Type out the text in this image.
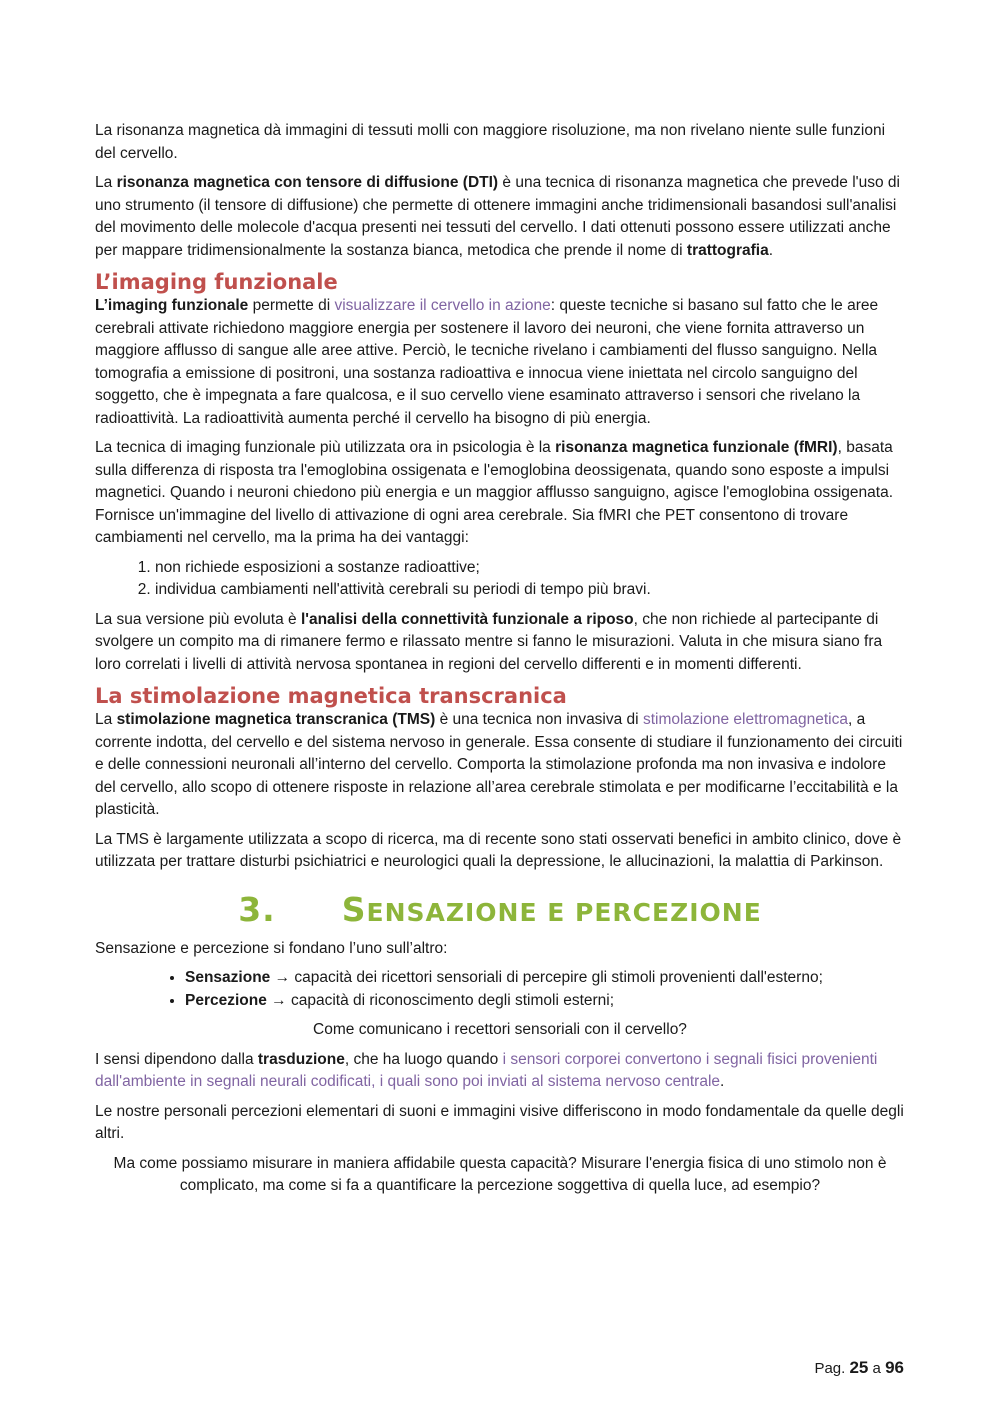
La risonanza magnetica dà immagini di tessuti molli con maggiore risoluzione, ma non rivelano niente sulle funzioni del cervello.

La risonanza magnetica con tensore di diffusione (DTI) è una tecnica di risonanza magnetica che prevede l'uso di uno strumento (il tensore di diffusione) che permette di ottenere immagini anche tridimensionali basandosi sull'analisi del movimento delle molecole d'acqua presenti nei tessuti del cervello. I dati ottenuti possono essere utilizzati anche per mappare tridimensionalmente la sostanza bianca, metodica che prende il nome di trattografia.

L’imaging funzionale

L’imaging funzionale permette di visualizzare il cervello in azione: queste tecniche si basano sul fatto che le aree cerebrali attivate richiedono maggiore energia per sostenere il lavoro dei neuroni, che viene fornita attraverso un maggiore afflusso di sangue alle aree attive. Perciò, le tecniche rivelano i cambiamenti del flusso sanguigno. Nella tomografia a emissione di positroni, una sostanza radioattiva e innocua viene iniettata nel circolo sanguigno del soggetto, che è impegnata a fare qualcosa, e il suo cervello viene esaminato attraverso i sensori che rivelano la radioattività. La radioattività aumenta perché il cervello ha bisogno di più energia.

La tecnica di imaging funzionale più utilizzata ora in psicologia è la risonanza magnetica funzionale (fMRI), basata sulla differenza di risposta tra l'emoglobina ossigenata e l'emoglobina deossigenata, quando sono esposte a impulsi magnetici. Quando i neuroni chiedono più energia e un maggior afflusso sanguigno, agisce l'emoglobina ossigenata. Fornisce un'immagine del livello di attivazione di ogni area cerebrale. Sia fMRI che PET consentono di trovare cambiamenti nel cervello, ma la prima ha dei vantaggi:

1. non richiede esposizioni a sostanze radioattive;
2. individua cambiamenti nell'attività cerebrali su periodi di tempo più bravi.

La sua versione più evoluta è l'analisi della connettività funzionale a riposo, che non richiede al partecipante di svolgere un compito ma di rimanere fermo e rilassato mentre si fanno le misurazioni. Valuta in che misura siano fra loro correlati i livelli di attività nervosa spontanea in regioni del cervello differenti e in momenti differenti.

La stimolazione magnetica transcranica

La stimolazione magnetica transcranica (TMS) è una tecnica non invasiva di stimolazione elettromagnetica, a corrente indotta, del cervello e del sistema nervoso in generale. Essa consente di studiare il funzionamento dei circuiti e delle connessioni neuronali all’interno del cervello. Comporta la stimolazione profonda ma non invasiva e indolore del cervello, allo scopo di ottenere risposte in relazione all’area cerebrale stimolata e per modificarne l’eccitabilità e la plasticità.

La TMS è largamente utilizzata a scopo di ricerca, ma di recente sono stati osservati benefici in ambito clinico, dove è utilizzata per trattare disturbi psichiatrici e neurologici quali la depressione, le allucinazioni, la malattia di Parkinson.

3. SENSAZIONE E PERCEZIONE

Sensazione e percezione si fondano l’uno sull’altro:

• Sensazione → capacità dei ricettori sensoriali di percepire gli stimoli provenienti dall'esterno;
• Percezione → capacità di riconoscimento degli stimoli esterni;

Come comunicano i recettori sensoriali con il cervello?

I sensi dipendono dalla trasduzione, che ha luogo quando i sensori corporei convertono i segnali fisici provenienti dall'ambiente in segnali neurali codificati, i quali sono poi inviati al sistema nervoso centrale.

Le nostre personali percezioni elementari di suoni e immagini visive differiscono in modo fondamentale da quelle degli altri.

Ma come possiamo misurare in maniera affidabile questa capacità? Misurare l'energia fisica di uno stimolo non è complicato, ma come si fa a quantificare la percezione soggettiva di quella luce, ad esempio?

Pag. 25 a 96
